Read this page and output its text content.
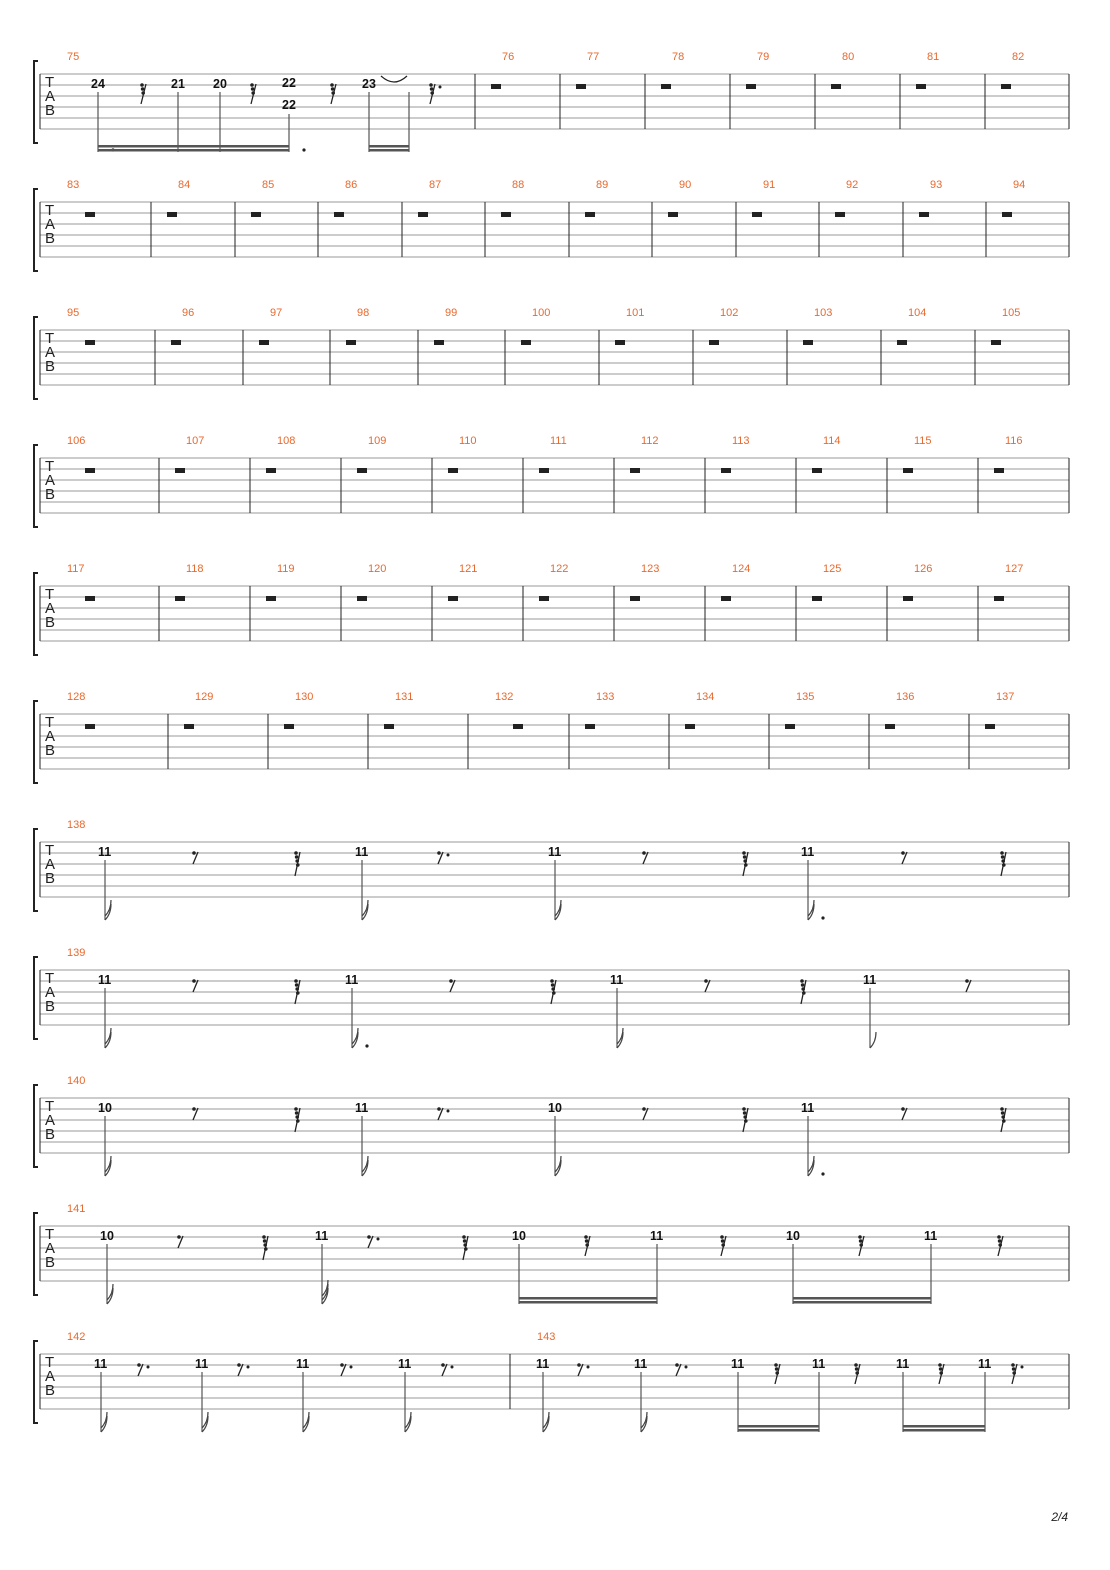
T
A
B
75	76	77	78	79	80	81	82
24	21 20	22
22
23
T
A
B
83	84	85	86	87	88	89	90	91	92	93	94
T
A
B
95	96	97	98	99	100	101	102	103	104	105
T
A
B
106	107	108	109	110	111	112	113	114	115	116
T
A
B
117	118	119	120	121	122	123	124	125	126	127
T
A
B
128	129	130	131	132	133	134	135	136	137
T
A
B
138
11	11	11	11
T
A
B
139
11	11	11	11
T
A
B
140
10	11	10	11
T
A
B
141
10	11	10	11	10	11
T
A
B
142	143
11	11	11	11	11	11	11	11	11	11
2/4
